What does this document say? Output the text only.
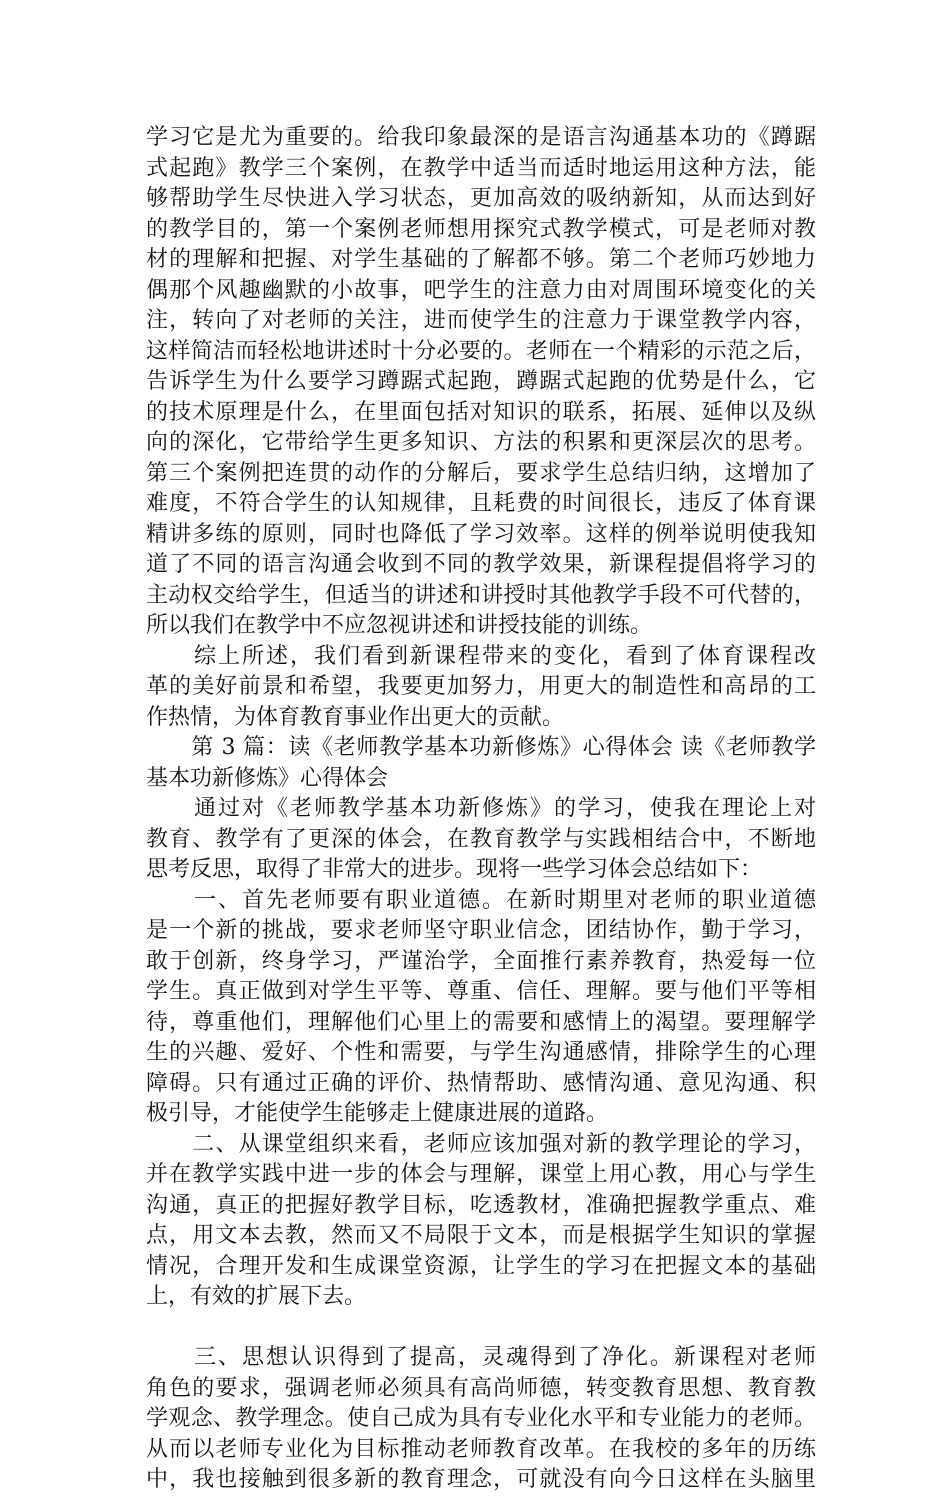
学习它是尤为重要的。给我印象最深的是语言沟通基本功的《蹲踞
式起跑》教学三个案例，在教学中适当而适时地运用这种方法，能
够帮助学生尽快进入学习状态，更加高效的吸纳新知，从而达到好
的教学目的，第一个案例老师想用探究式教学模式，可是老师对教
材的理解和把握、对学生基础的了解都不够。第二个老师巧妙地力
偶那个风趣幽默的小故事，吧学生的注意力由对周围环境变化的关
注，转向了对老师的关注，进而使学生的注意力于课堂教学内容，
这样简洁而轻松地讲述时十分必要的。老师在一个精彩的示范之后，
告诉学生为什么要学习蹲踞式起跑，蹲踞式起跑的优势是什么，它
的技术原理是什么，在里面包括对知识的联系，拓展、延伸以及纵
向的深化，它带给学生更多知识、方法的积累和更深层次的思考。
第三个案例把连贯的动作的分解后，要求学生总结归纳，这增加了
难度，不符合学生的认知规律，且耗费的时间很长，违反了体育课
精讲多练的原则，同时也降低了学习效率。这样的例举说明使我知
道了不同的语言沟通会收到不同的教学效果，新课程提倡将学习的
主动权交给学生，但适当的讲述和讲授时其他教学手段不可代替的，
所以我们在教学中不应忽视讲述和讲授技能的训练。
　　综上所述，我们看到新课程带来的变化，看到了体育课程改
革的美好前景和希望，我要更加努力，用更大的制造性和高昂的工
作热情，为体育教育事业作出更大的贡献。
　　第 3 篇：读《老师教学基本功新修炼》心得体会 读《老师教学
基本功新修炼》心得体会
　　通过对《老师教学基本功新修炼》的学习，使我在理论上对
教育、教学有了更深的体会，在教育教学与实践相结合中，不断地
思考反思，取得了非常大的进步。现将一些学习体会总结如下：
　　一、首先老师要有职业道德。在新时期里对老师的职业道德
是一个新的挑战，要求老师坚守职业信念，团结协作，勤于学习，
敢于创新，终身学习，严谨治学，全面推行素养教育，热爱每一位
学生。真正做到对学生平等、尊重、信任、理解。要与他们平等相
待，尊重他们，理解他们心里上的需要和感情上的渴望。要理解学
生的兴趣、爱好、个性和需要，与学生沟通感情，排除学生的心理
障碍。只有通过正确的评价、热情帮助、感情沟通、意见沟通、积
极引导，才能使学生能够走上健康进展的道路。
　　二、从课堂组织来看，老师应该加强对新的教学理论的学习，
并在教学实践中进一步的体会与理解，课堂上用心教，用心与学生
沟通，真正的把握好教学目标，吃透教材，准确把握教学重点、难
点，用文本去教，然而又不局限于文本，而是根据学生知识的掌握
情况，合理开发和生成课堂资源，让学生的学习在把握文本的基础
上，有效的扩展下去。
　　三、思想认识得到了提高，灵魂得到了净化。新课程对老师
角色的要求，强调老师必须具有高尚师德，转变教育思想、教育教
学观念、教学理念。使自己成为具有专业化水平和专业能力的老师。
从而以老师专业化为目标推动老师教育改革。在我校的多年的历练
中，我也接触到很多新的教育理念，可就没有向今日这样在头脑里
